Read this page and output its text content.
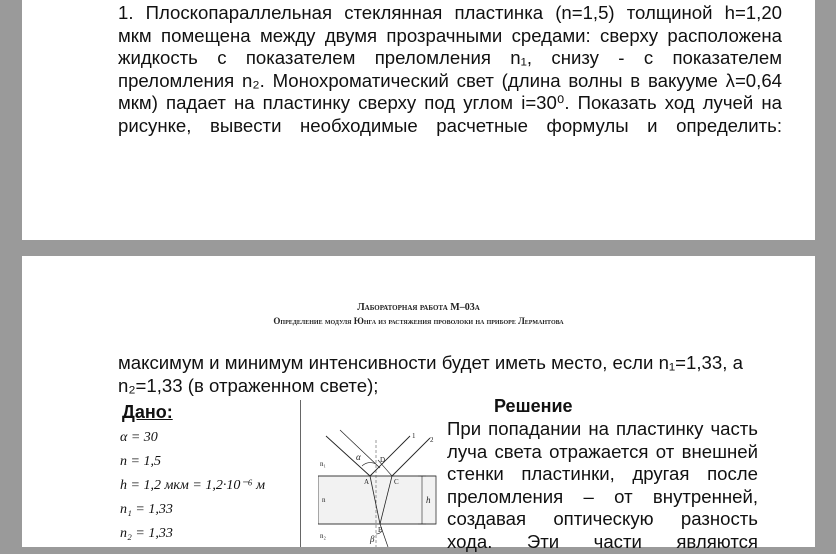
1. Плоскопараллельная стеклянная пластинка (n=1,5) толщиной h=1,20
мкм помещена между двумя прозрачными средами: сверху расположена
жидкость с показателем преломления n₁, снизу - с показателем
преломления n₂. Монохроматический свет (длина волны в вакууме λ=0,64
мкм) падает на пластинку сверху под углом i=30⁰. Показать ход лучей на
рисунке, вывести необходимые расчетные формулы и определить:
Лабораторная работа М–03а
Определение модуля Юнга из растяжения проволоки на приборе Лермантова
максимум и минимум интенсивности будет иметь место, если n₁=1,33, а
n₂=1,33 (в отраженном свете);
Дано:
α = 30
n = 1,5
h = 1,2 мкм = 1,2·10⁻⁶ м
n₁ = 1,33
n₂ = 1,33
1 2
n₁
n
n₂
α
β
h
A
B
C
D
Решение
При попадании на пластинку часть
луча света отражается от внешней
стенки пластинки, другая после
преломления – от внутренней,
создавая оптическую разность
хода. Эти части являются
